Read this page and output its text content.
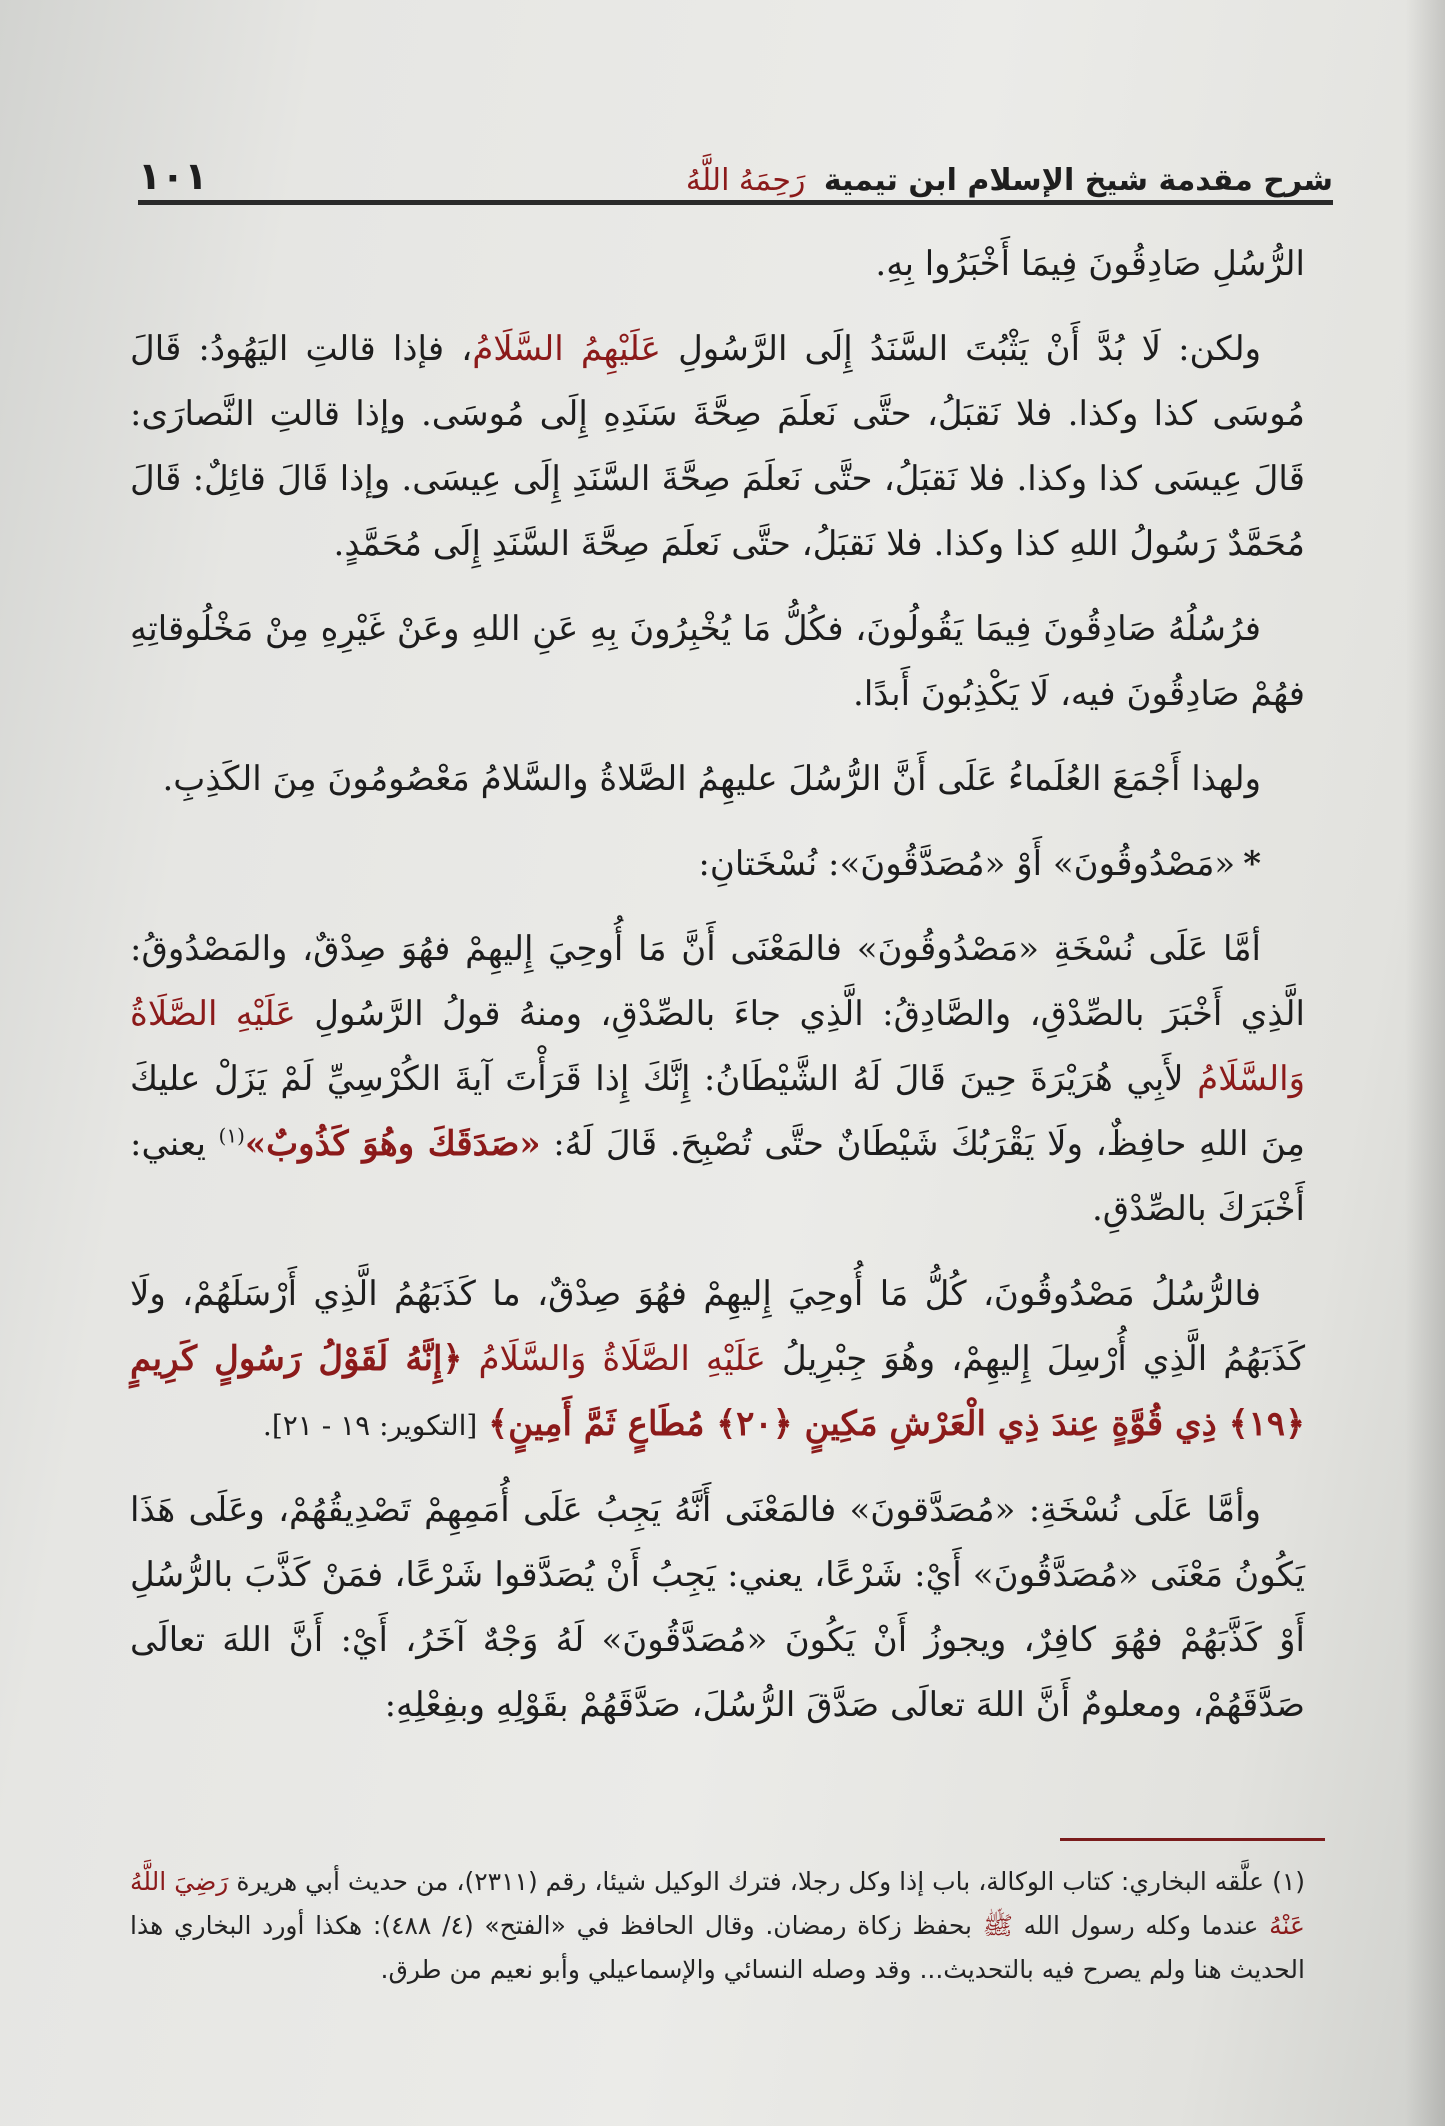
شرح مقدمة شيخ الإسلام ابن تيمية رَحِمَهُ اللَّهُ
١٠١

الرُّسُلِ صَادِقُونَ فِيمَا أَخْبَرُوا بِهِ.

ولكن: لَا بُدَّ أَنْ يَثْبُتَ السَّنَدُ إِلَى الرَّسُولِ عَلَيْهِمُ السَّلَامُ، فإذا قالتِ اليَهُودُ: قَالَ مُوسَى كذا وكذا. فلا نَقبَلُ، حتَّى نَعلَمَ صِحَّةَ سَنَدِهِ إِلَى مُوسَى. وإذا قالتِ النَّصارَى: قَالَ عِيسَى كذا وكذا. فلا نَقبَلُ، حتَّى نَعلَمَ صِحَّةَ السَّنَدِ إِلَى عِيسَى. وإذا قَالَ قائِلٌ: قَالَ مُحَمَّدٌ رَسُولُ اللهِ كذا وكذا. فلا نَقبَلُ، حتَّى نَعلَمَ صِحَّةَ السَّنَدِ إِلَى مُحَمَّدٍ.

فرُسُلُهُ صَادِقُونَ فِيمَا يَقُولُونَ، فكُلُّ مَا يُخْبِرُونَ بِهِ عَنِ اللهِ وعَنْ غَيْرِهِ مِنْ مَخْلُوقاتِهِ فهُمْ صَادِقُونَ فيه، لَا يَكْذِبُونَ أَبدًا.

ولهذا أَجْمَعَ العُلَماءُ عَلَى أَنَّ الرُّسُلَ عليهِمُ الصَّلاةُ والسَّلامُ مَعْصُومُونَ مِنَ الكَذِبِ.

*«مَصْدُوقُونَ» أَوْ «مُصَدَّقُونَ»: نُسْخَتانِ:

أمَّا عَلَى نُسْخَةِ «مَصْدُوقُونَ» فالمَعْنَى أَنَّ مَا أُوحِيَ إِليهِمْ فهُوَ صِدْقٌ، والمَصْدُوقُ: الَّذِي أَخْبَرَ بالصِّدْقِ، والصَّادِقُ: الَّذِي جاءَ بالصِّدْقِ، ومنهُ قولُ الرَّسُولِ عَلَيْهِ الصَّلَاةُ وَالسَّلَامُ لأَبِي هُرَيْرَةَ حِينَ قَالَ لَهُ الشَّيْطَانُ: إِنَّكَ إِذا قَرَأْتَ آيةَ الكُرْسِيِّ لَمْ يَزَلْ عليكَ مِنَ اللهِ حافِظٌ، ولَا يَقْرَبُكَ شَيْطَانٌ حتَّى تُصْبِحَ. قَالَ لَهُ: «صَدَقَكَ وهُوَ كَذُوبٌ»$^{(١)}$ يعني: أَخْبَرَكَ بالصِّدْقِ.

فالرُّسُلُ مَصْدُوقُونَ، كُلُّ مَا أُوحِيَ إِليهِمْ فهُوَ صِدْقٌ، ما كَذَبَهُمُ الَّذِي أَرْسَلَهُمْ، ولَا كَذَبَهُمُ الَّذِي أُرْسِلَ إِليهِمْ، وهُوَ جِبْرِيلُ عَلَيْهِ الصَّلَاةُ وَالسَّلَامُ ﴿إِنَّهُ لَقَوْلُ رَسُولٍ كَرِيمٍ ﴿١٩﴾ ذِي قُوَّةٍ عِندَ ذِي الْعَرْشِ مَكِينٍ ﴿٢٠﴾ مُطَاعٍ ثَمَّ أَمِينٍ﴾ [التكوير: ١٩ - ٢١].

وأمَّا عَلَى نُسْخَةِ: «مُصَدَّقونَ» فالمَعْنَى أَنَّهُ يَجِبُ عَلَى أُمَمِهِمْ تَصْدِيقُهُمْ، وعَلَى هَذَا يَكُونُ مَعْنَى «مُصَدَّقُونَ» أَيْ: شَرْعًا، يعني: يَجِبُ أَنْ يُصَدَّقوا شَرْعًا، فمَنْ كَذَّبَ بالرُّسُلِ أَوْ كَذَّبَهُمْ فهُوَ كافِرٌ، ويجوزُ أَنْ يَكُونَ «مُصَدَّقُونَ» لَهُ وَجْهٌ آخَرُ، أَيْ: أَنَّ اللهَ تعالَى صَدَّقَهُمْ، ومعلومٌ أَنَّ اللهَ تعالَى صَدَّقَ الرُّسُلَ، صَدَّقَهُمْ بقَوْلِهِ وبفِعْلِهِ:

(١) علَّقه البخاري: كتاب الوكالة، باب إذا وكل رجلا، فترك الوكيل شيئا، رقم (٢٣١١)، من حديث أبي هريرة رَضِيَ اللَّهُ عَنْهُ عندما وكله رسول الله ﷺ بحفظ زكاة رمضان. وقال الحافظ في «الفتح» (٤/ ٤٨٨): هكذا أورد البخاري هذا الحديث هنا ولم يصرح فيه بالتحديث... وقد وصله النسائي والإسماعيلي وأبو نعيم من طرق.
